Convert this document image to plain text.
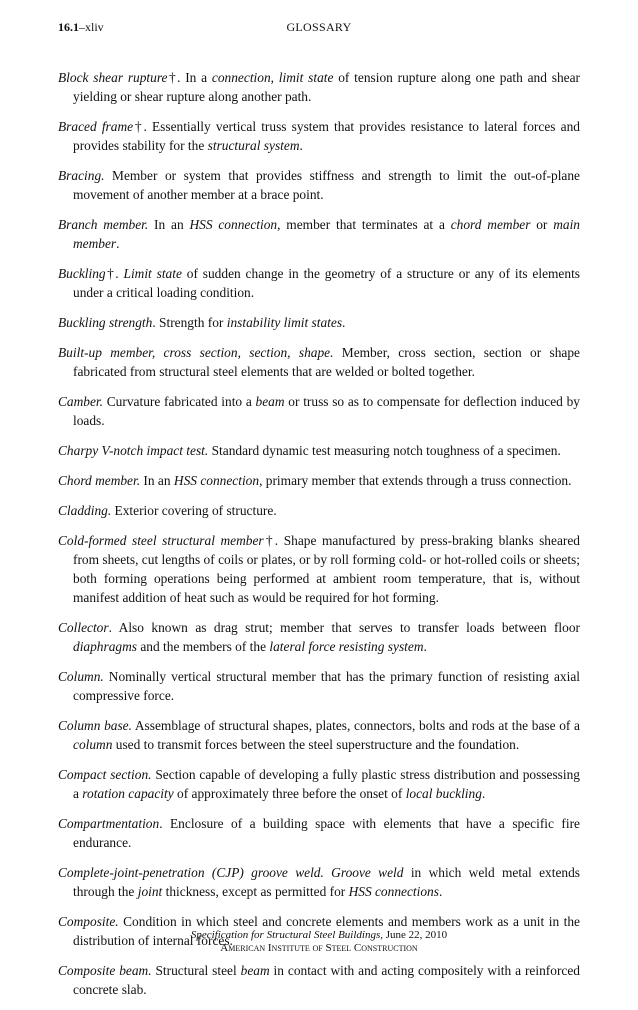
16.1–xliv	GLOSSARY

Block shear rupture†. In a connection, limit state of tension rupture along one path and shear yielding or shear rupture along another path.

Braced frame†. Essentially vertical truss system that provides resistance to lateral forces and provides stability for the structural system.

Bracing. Member or system that provides stiffness and strength to limit the out-of-plane movement of another member at a brace point.

Branch member. In an HSS connection, member that terminates at a chord member or main member.

Buckling†. Limit state of sudden change in the geometry of a structure or any of its elements under a critical loading condition.

Buckling strength. Strength for instability limit states.

Built-up member, cross section, section, shape. Member, cross section, section or shape fabricated from structural steel elements that are welded or bolted together.

Camber. Curvature fabricated into a beam or truss so as to compensate for deflection induced by loads.

Charpy V-notch impact test. Standard dynamic test measuring notch toughness of a specimen.

Chord member. In an HSS connection, primary member that extends through a truss connection.

Cladding. Exterior covering of structure.

Cold-formed steel structural member†. Shape manufactured by press-braking blanks sheared from sheets, cut lengths of coils or plates, or by roll forming cold- or hot-rolled coils or sheets; both forming operations being performed at ambient room temperature, that is, without manifest addition of heat such as would be required for hot forming.

Collector. Also known as drag strut; member that serves to transfer loads between floor diaphragms and the members of the lateral force resisting system.

Column. Nominally vertical structural member that has the primary function of resisting axial compressive force.

Column base. Assemblage of structural shapes, plates, connectors, bolts and rods at the base of a column used to transmit forces between the steel superstructure and the foundation.

Compact section. Section capable of developing a fully plastic stress distribution and possessing a rotation capacity of approximately three before the onset of local buckling.

Compartmentation. Enclosure of a building space with elements that have a specific fire endurance.

Complete-joint-penetration (CJP) groove weld. Groove weld in which weld metal extends through the joint thickness, except as permitted for HSS connections.

Composite. Condition in which steel and concrete elements and members work as a unit in the distribution of internal forces.

Composite beam. Structural steel beam in contact with and acting compositely with a reinforced concrete slab.

Specification for Structural Steel Buildings, June 22, 2010
American Institute of Steel Construction
